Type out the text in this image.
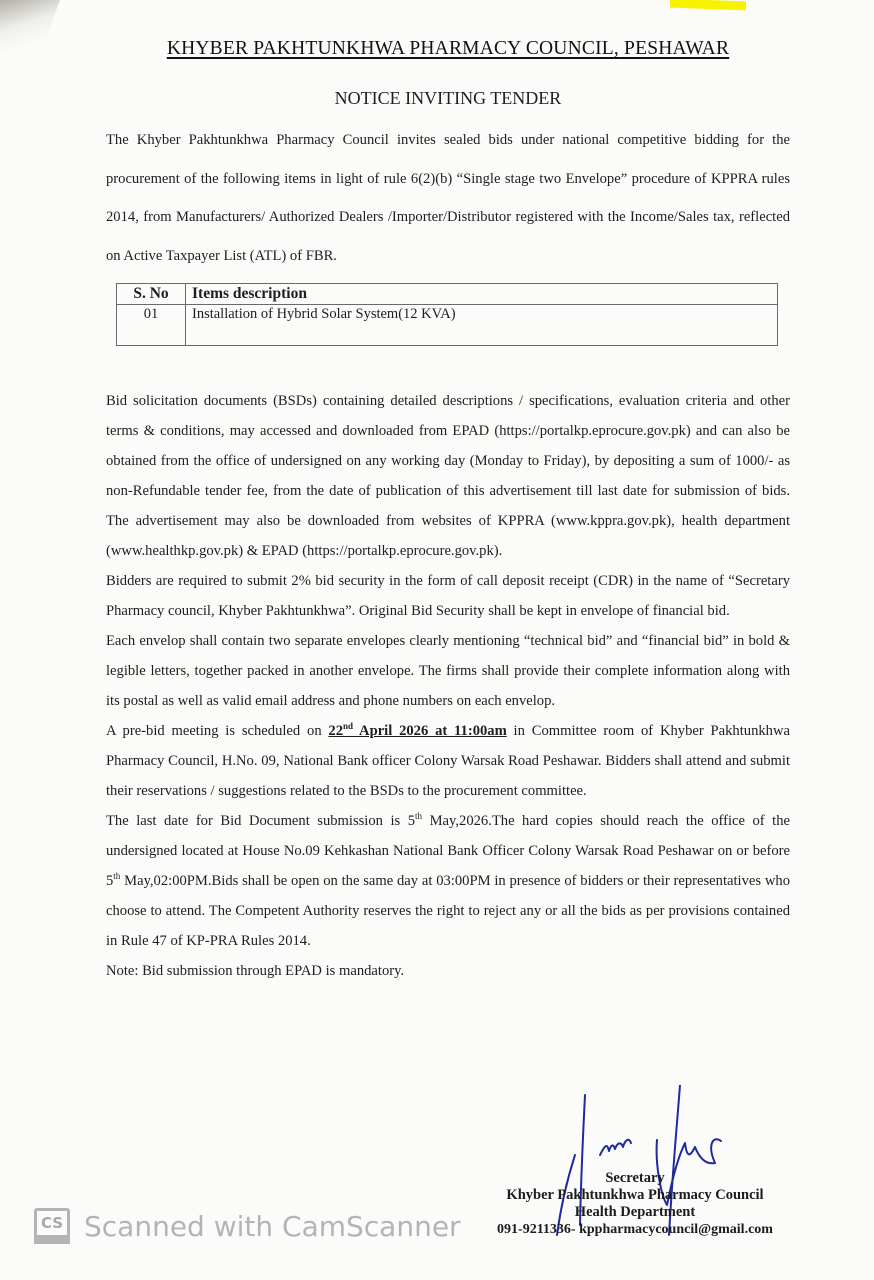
KHYBER PAKHTUNKHWA PHARMACY COUNCIL, PESHAWAR
NOTICE INVITING TENDER

The Khyber Pakhtunkhwa Pharmacy Council invites sealed bids under national competitive bidding for the procurement of the following items in light of rule 6(2)(b) “Single stage two Envelope” procedure of KPPRA rules 2014, from Manufacturers/ Authorized Dealers /Importer/Distributor registered with the Income/Sales tax, reflected on Active Taxpayer List (ATL) of FBR.

S. No	Items description
01	Installation of Hybrid Solar System(12 KVA)

Bid solicitation documents (BSDs) containing detailed descriptions / specifications, evaluation criteria and other terms & conditions, may accessed and downloaded from EPAD (https://portalkp.eprocure.gov.pk) and can also be obtained from the office of undersigned on any working day (Monday to Friday), by depositing a sum of 1000/- as non-Refundable tender fee, from the date of publication of this advertisement till last date for submission of bids. The advertisement may also be downloaded from websites of KPPRA (www.kppra.gov.pk), health department (www.healthkp.gov.pk) & EPAD (https://portalkp.eprocure.gov.pk).

Bidders are required to submit 2% bid security in the form of call deposit receipt (CDR) in the name of “Secretary Pharmacy council, Khyber Pakhtunkhwa”. Original Bid Security shall be kept in envelope of financial bid.

Each envelop shall contain two separate envelopes clearly mentioning “technical bid” and “financial bid” in bold & legible letters, together packed in another envelope. The firms shall provide their complete information along with its postal as well as valid email address and phone numbers on each envelop.

A pre-bid meeting is scheduled on 22nd April 2026 at 11:00am in Committee room of Khyber Pakhtunkhwa Pharmacy Council, H.No. 09, National Bank officer Colony Warsak Road Peshawar. Bidders shall attend and submit their reservations / suggestions related to the BSDs to the procurement committee.

The last date for Bid Document submission is 5th May,2026.The hard copies should reach the office of the undersigned located at House No.09 Kehkashan National Bank Officer Colony Warsak Road Peshawar on or before 5th May,02:00PM.Bids shall be open on the same day at 03:00PM in presence of bidders or their representatives who choose to attend. The Competent Authority reserves the right to reject any or all the bids as per provisions contained in Rule 47 of KP-PRA Rules 2014.

Note: Bid submission through EPAD is mandatory.

Secretary
Khyber Pakhtunkhwa Pharmacy Council
Health Department
091-9211336- kppharmacycouncil@gmail.com
CS Scanned with CamScanner
